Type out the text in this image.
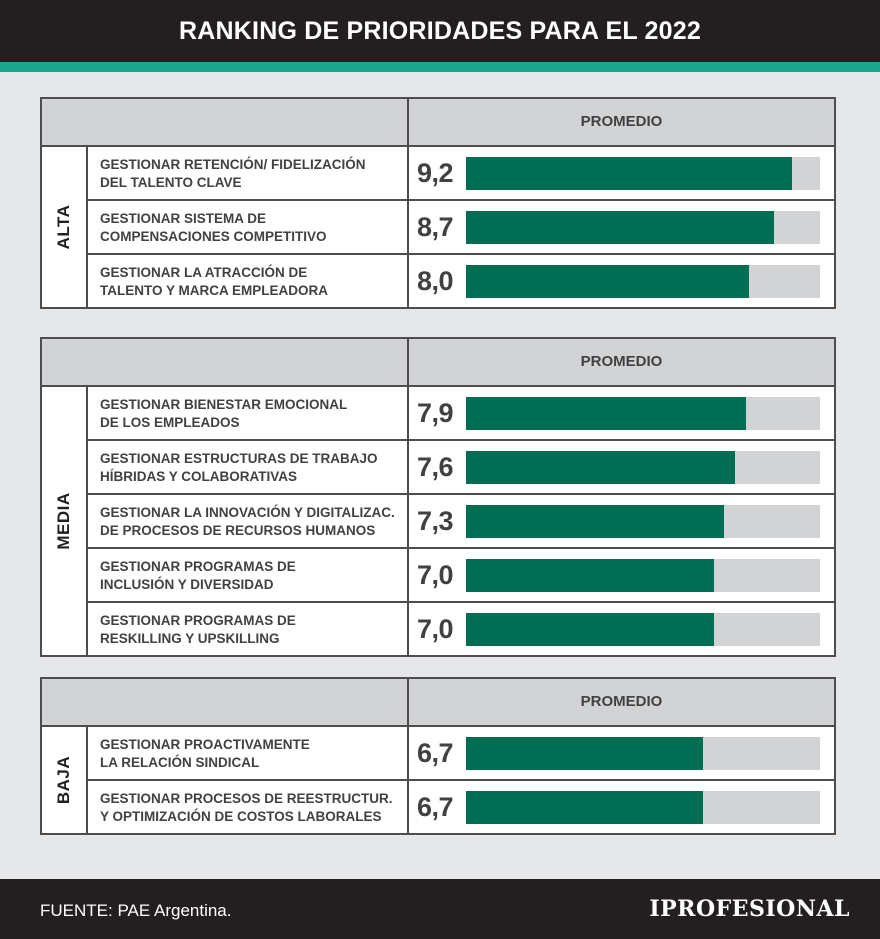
RANKING DE PRIORIDADES PARA EL 2022
PROMEDIO
ALTA
GESTIONAR RETENCIÓN/ FIDELIZACIÓN
DEL TALENTO CLAVE	9,2
GESTIONAR SISTEMA DE
COMPENSACIONES COMPETITIVO	8,7
GESTIONAR LA ATRACCIÓN DE
TALENTO Y MARCA EMPLEADORA	8,0
PROMEDIO
MEDIA
GESTIONAR BIENESTAR EMOCIONAL
DE LOS EMPLEADOS	7,9
GESTIONAR ESTRUCTURAS DE TRABAJO
HÍBRIDAS Y COLABORATIVAS	7,6
GESTIONAR LA INNOVACIÓN Y DIGITALIZAC.
DE PROCESOS DE RECURSOS HUMANOS	7,3
GESTIONAR PROGRAMAS DE
INCLUSIÓN Y DIVERSIDAD	7,0
GESTIONAR PROGRAMAS DE
RESKILLING Y UPSKILLING	7,0
PROMEDIO
BAJA
GESTIONAR PROACTIVAMENTE
LA RELACIÓN SINDICAL	6,7
GESTIONAR PROCESOS DE REESTRUCTUR.
Y OPTIMIZACIÓN DE COSTOS LABORALES	6,7
FUENTE: PAE Argentina.	IPROFESIONAL
